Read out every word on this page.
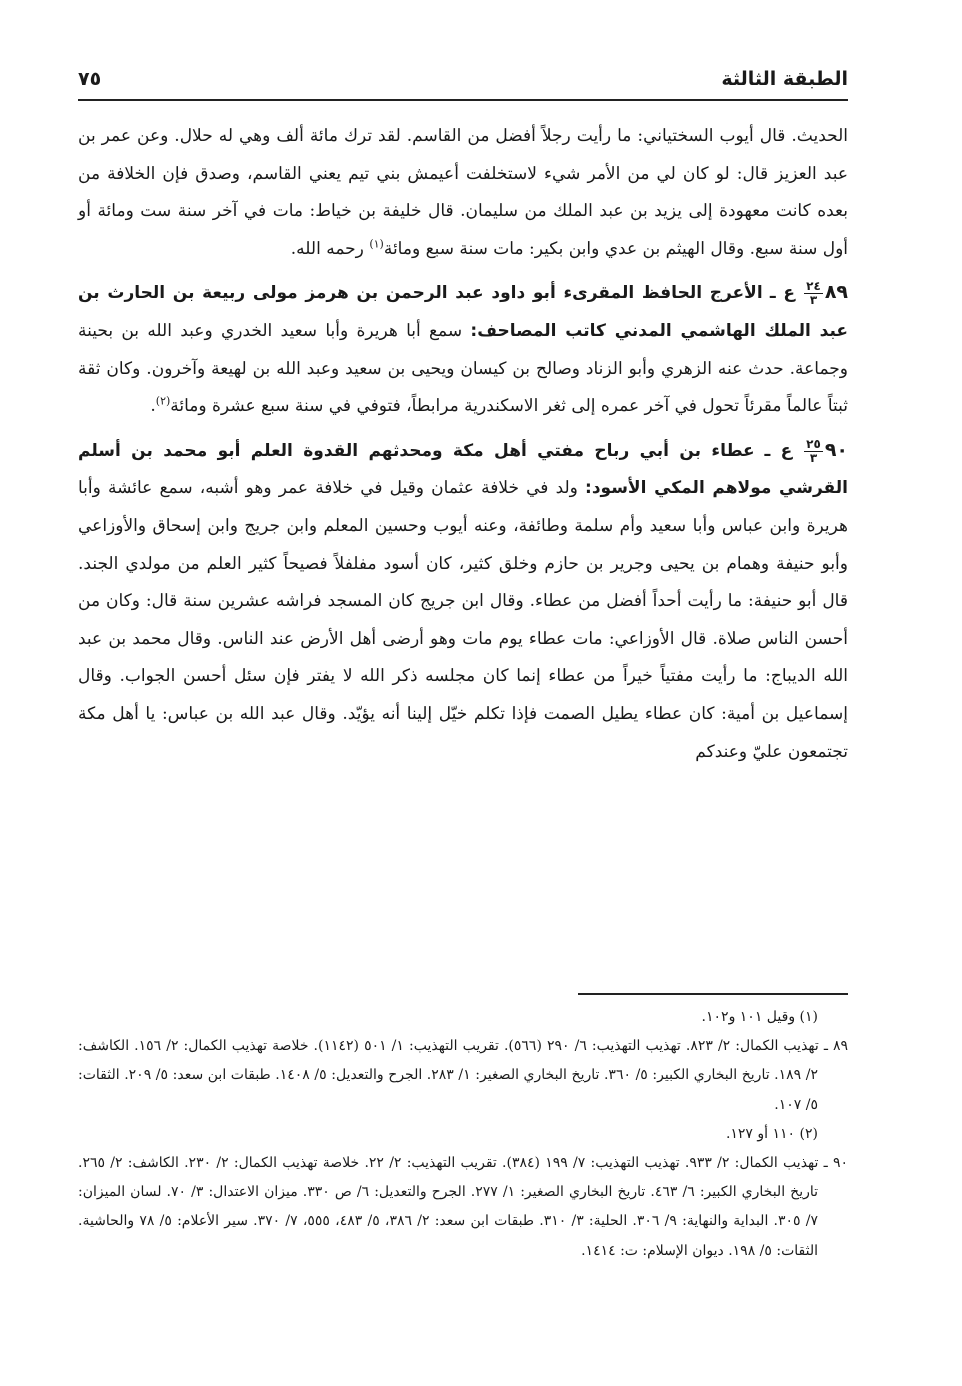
٧٥	الطبقة الثالثة

الحديث. قال أيوب السختياني: ما رأيت رجلاً أفضل من القاسم. لقد ترك مائة ألف وهي له حلال. وعن عمر بن عبد العزيز قال: لو كان لي من الأمر شيء لاستخلفت أعيمش بني تيم يعني القاسم، وصدق فإن الخلافة من بعده كانت معهودة إلى يزيد بن عبد الملك من سليمان. قال خليفة بن خياط: مات في آخر سنة ست ومائة أو أول سنة سبع. وقال الهيثم بن عدي وابن بكير: مات سنة سبع ومائة$^{(١)}$ رحمه الله.

٨٩
$\frac{٢٤}{٣}$
ع ـ الأعرج الحافظ المقرىء أبو داود عبد الرحمن بن هرمز مولى ربيعة بن الحارث بن عبد الملك الهاشمي المدني كاتب المصاحف: سمع أبا هريرة وأبا سعيد الخدري وعبد الله بن بحينة وجماعة. حدث عنه الزهري وأبو الزناد وصالح بن كيسان ويحيى بن سعيد وعبد الله بن لهيعة وآخرون. وكان ثقة ثبتاً عالماً مقرئاً تحول في آخر عمره إلى ثغر الاسكندرية مرابطاً، فتوفي في سنة سبع عشرة ومائة$^{(٢)}$.

٩٠
$\frac{٢٥}{٣}$
ع ـ عطاء بن أبي رباح مفتي أهل مكة ومحدثهم القدوة العلم أبو محمد بن أسلم القرشي مولاهم المكي الأسود: ولد في خلافة عثمان وقيل في خلافة عمر وهو أشبه، سمع عائشة وأبا هريرة وابن عباس وأبا سعيد وأم سلمة وطائفة، وعنه أيوب وحسين المعلم وابن جريج وابن إسحاق والأوزاعي وأبو حنيفة وهمام بن يحيى وجرير بن حازم وخلق كثير، كان أسود مفلفلاً فصيحاً كثير العلم من مولدي الجند. قال أبو حنيفة: ما رأيت أحداً أفضل من عطاء. وقال ابن جريج كان المسجد فراشه عشرين سنة قال: وكان من أحسن الناس صلاة. قال الأوزاعي: مات عطاء يوم مات وهو أرضى أهل الأرض عند الناس. وقال محمد بن عبد الله الديباج: ما رأيت مفتياً خيراً من عطاء إنما كان مجلسه ذكر الله لا يفتر فإن سئل أحسن الجواب. وقال إسماعيل بن أمية: كان عطاء يطيل الصمت فإذا تكلم خيّل إلينا أنه يؤيّد. وقال عبد الله بن عباس: يا أهل مكة تجتمعون عليّ وعندكم

(١) وقيل ١٠١ و١٠٢.

٨٩ ـ تهذيب الكمال: ٢/ ٨٢٣. تهذيب التهذيب: ٦/ ٢٩٠ (٥٦٦). تقريب التهذيب: ١/ ٥٠١ (١١٤٢). خلاصة تهذيب الكمال: ٢/ ١٥٦. الكاشف: ٢/ ١٨٩. تاريخ البخاري الكبير: ٥/ ٣٦٠. تاريخ البخاري الصغير: ١/ ٢٨٣. الجرح والتعديل: ٥/ ١٤٠٨. طبقات ابن سعد: ٥/ ٢٠٩. الثقات: ٥/ ١٠٧.

(٢) ١١٠ أو ١٢٧.

٩٠ ـ تهذيب الكمال: ٢/ ٩٣٣. تهذيب التهذيب: ٧/ ١٩٩ (٣٨٤). تقريب التهذيب: ٢/ ٢٢. خلاصة تهذيب الكمال: ٢/ ٢٣٠. الكاشف: ٢/ ٢٦٥. تاريخ البخاري الكبير: ٦/ ٤٦٣. تاريخ البخاري الصغير: ١/ ٢٧٧. الجرح والتعديل: ٦/ ص ٣٣٠. ميزان الاعتدال: ٣/ ٧٠. لسان الميزان: ٧/ ٣٠٥. البداية والنهاية: ٩/ ٣٠٦. الحلية: ٣/ ٣١٠. طبقات ابن سعد: ٢/ ٣٨٦، ٥/ ٤٨٣، ٥٥٥، ٧/ ٣٧٠. سير الأعلام: ٥/ ٧٨ والحاشية. الثقات: ٥/ ١٩٨. ديوان الإسلام: ت: ١٤١٤.
